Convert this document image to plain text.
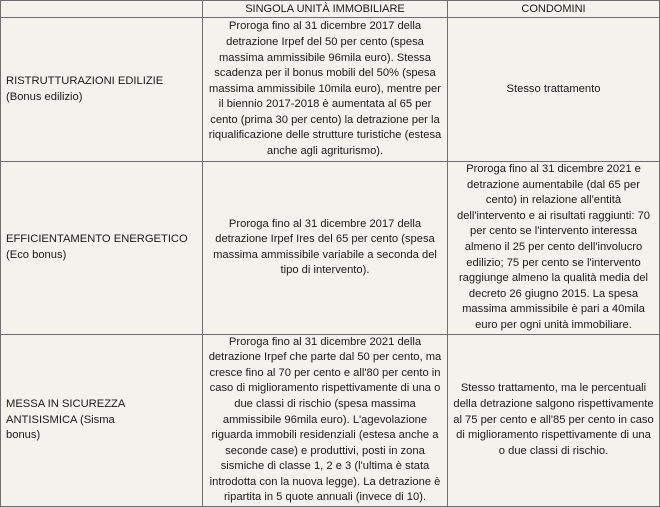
	SINGOLA UNITÀ IMMOBILIARE	CONDOMINI

RISTRUTTURAZIONI EDILIZIE
(Bonus edilizio)	Proroga fino al 31 dicembre 2017 della detrazione Irpef del 50 per cento (spesa massima ammissibile 96mila euro). Stessa scadenza per il bonus mobili del 50% (spesa massima ammissibile 10mila euro), mentre per il biennio 2017-2018 è aumentata al 65 per cento (prima 30 per cento) la detrazione per la riqualificazione delle strutture turistiche (estesa anche agli agriturismo).	Stesso trattamento

EFFICIENTAMENTO ENERGETICO
(Eco bonus)	Proroga fino al 31 dicembre 2017 della detrazione Irpef Ires del 65 per cento (spesa massima ammissibile variabile a seconda del tipo di intervento).	Proroga fino al 31 dicembre 2021 e detrazione aumentabile (dal 65 per cento) in relazione all'entità dell'intervento e ai risultati raggiunti: 70 per cento se l'intervento interessa almeno il 25 per cento dell'involucro edilizio; 75 per cento se l'intervento raggiunge almeno la qualità media del decreto 26 giugno 2015. La spesa massima ammissibile è pari a 40mila euro per ogni unità immobiliare.

MESSA IN SICUREZZA ANTISISMICA (Sisma
bonus)	Proroga fino al 31 dicembre 2021 della detrazione Irpef che parte dal 50 per cento, ma cresce fino al 70 per cento e all'80 per cento in caso di miglioramento rispettivamente di una o due classi di rischio (spesa massima ammissibile 96mila euro). L'agevolazione riguarda immobili residenziali (estesa anche a seconde case) e produttivi, posti in zona sismiche di classe 1, 2 e 3 (l'ultima è stata introdotta con la nuova legge). La detrazione è ripartita in 5 quote annuali (invece di 10).	Stesso trattamento, ma le percentuali della detrazione salgono rispettivamente al 75 per cento e all'85 per cento in caso di miglioramento rispettivamente di una o due classi di rischio.
